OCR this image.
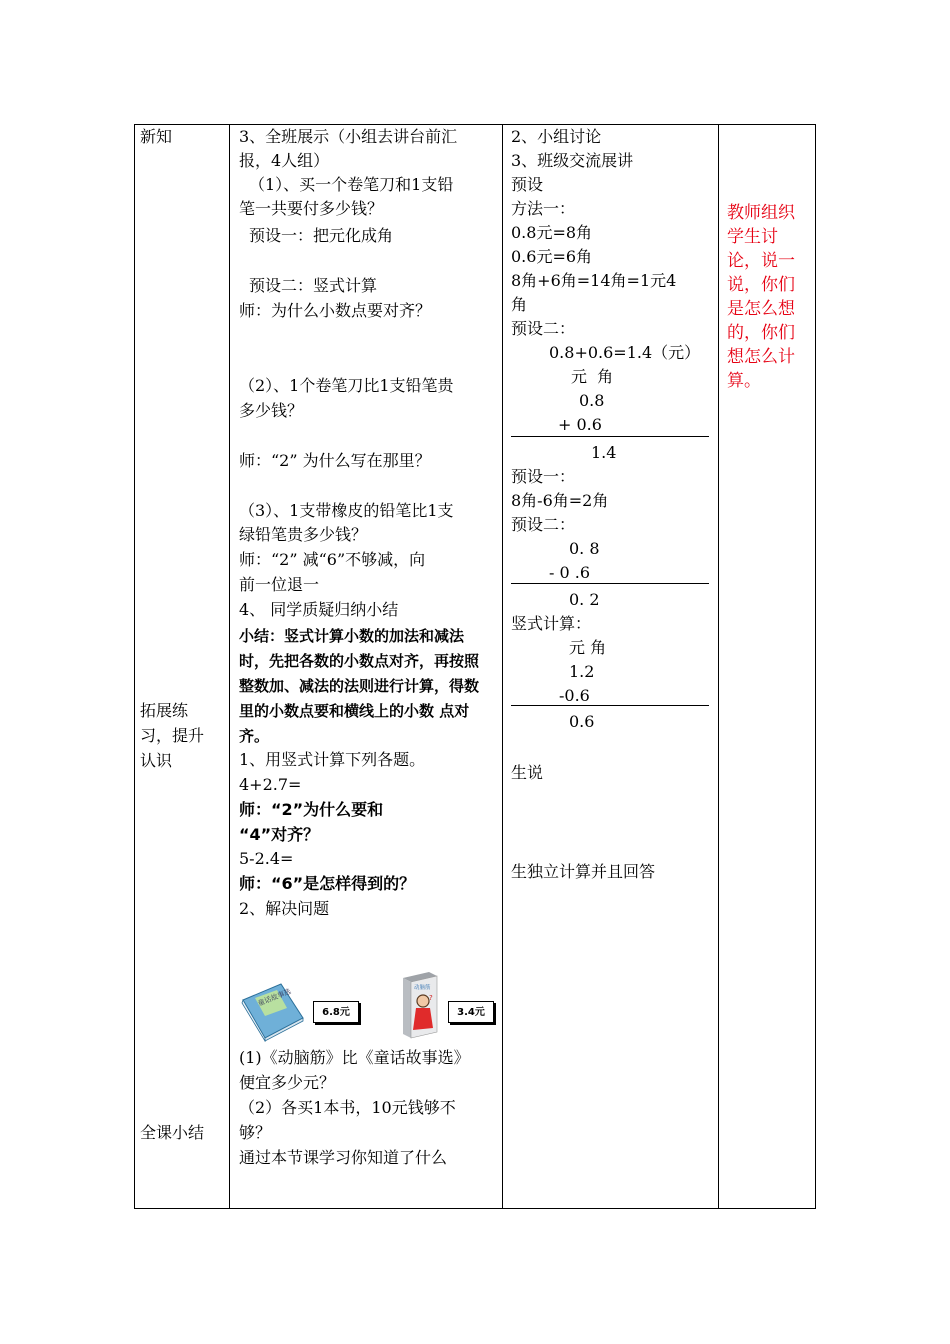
新知
拓展练
习，提升
认识
全课小结
3、全班展示（小组去讲台前汇
报，4人组）
（1）、买一个卷笔刀和1支铅
笔一共要付多少钱？
预设一：把元化成角
预设二：竖式计算
师：为什么小数点要对齐？
（2）、1个卷笔刀比1支铅笔贵
多少钱？
师：“2” 为什么写在那里？
（3）、1支带橡皮的铅笔比1支
绿铅笔贵多少钱？
师：“2” 减“6”不够减，向
前一位退一
4、 同学质疑归纳小结
小结：竖式计算小数的加法和减法
时，先把各数的小数点对齐，再按照
整数加、减法的法则进行计算，得数
里的小数点要和横线上的小数 点对
齐。
1、用竖式计算下列各题。
4+2.7=
师：“2”为什么要和
“4”对齐？
5-2.4=
师：“6”是怎样得到的？
2、解决问题
童话故事选
6.8元
动脑筋
?
3.4元
(1)《动脑筋》比《童话故事选》
便宜多少元？
（2）各买1本书，10元钱够不
够？
通过本节课学习你知道了什么
2、小组讨论
3、班级交流展讲
预设
方法一：
0.8元=8角
0.6元=6角
8角+6角=14角=1元4
角
预设二：
0.8+0.6=1.4（元）
元  角
0.8
+ 0.6
1.4
预设一：
8角-6角=2角
预设二：
0. 8
- 0 .6
0. 2
竖式计算：
元 角
1.2
-0.6
0.6
生说
生独立计算并且回答
教师组织
学生讨
论，说一
说，你们
是怎么想
的，你们
想怎么计
算。
